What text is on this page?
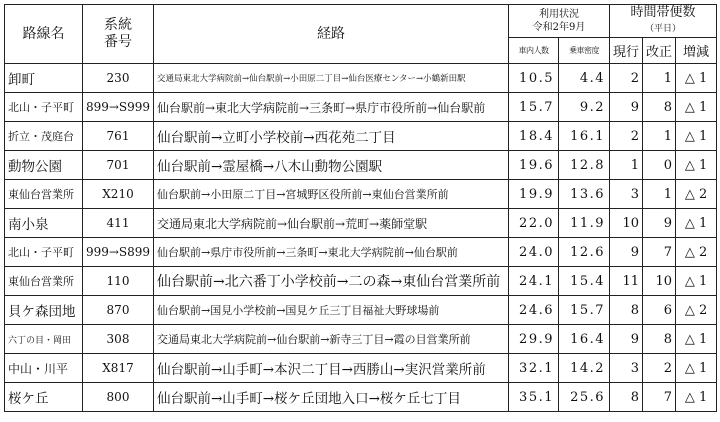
路線名	系統
番号	経路	利用状況
令和2年9月		時間帯便数
（平日）		
			車内人数	乗車密度	現行	改正	増減
卸町	230	交通局東北大学病院前→仙台駅前→小田原二丁目→仙台医療センター→小鶴新田駅	10.5	4.4	2	1	△ 1
北山・子平町	899→S999	仙台駅前→東北大学病院前→三条町→県庁市役所前→仙台駅前	15.7	9.2	9	8	△ 1
折立・茂庭台	761	仙台駅前→立町小学校前→西花苑二丁目	18.4	16.1	2	1	△ 1
動物公園	701	仙台駅前→霊屋橋→八木山動物公園駅	19.6	12.8	1	0	△ 1
東仙台営業所	X210	仙台駅前→小田原二丁目→宮城野区役所前→東仙台営業所前	19.9	13.6	3	1	△ 2
南小泉	411	交通局東北大学病院前→仙台駅前→荒町→薬師堂駅	22.0	11.9	10	9	△ 1
北山・子平町	999→S899	仙台駅前→県庁市役所前→三条町→東北大学病院前→仙台駅前	24.0	12.6	9	7	△ 2
東仙台営業所	110	仙台駅前→北六番丁小学校前→二の森→東仙台営業所前	24.1	15.4	11	10	△ 1
貝ケ森団地	870	仙台駅前→国見小学校前→国見ケ丘三丁目福祉大野球場前	24.6	15.7	8	6	△ 2
六丁の目・岡田	308	交通局東北大学病院前→仙台駅前→新寺三丁目→霞の目営業所前	29.9	16.4	9	8	△ 1
中山・川平	X817	仙台駅前→山手町→本沢二丁目→西勝山→実沢営業所前	32.1	14.2	3	2	△ 1
桜ケ丘	800	仙台駅前→山手町→桜ケ丘団地入口→桜ケ丘七丁目	35.1	25.6	8	7	△ 1
